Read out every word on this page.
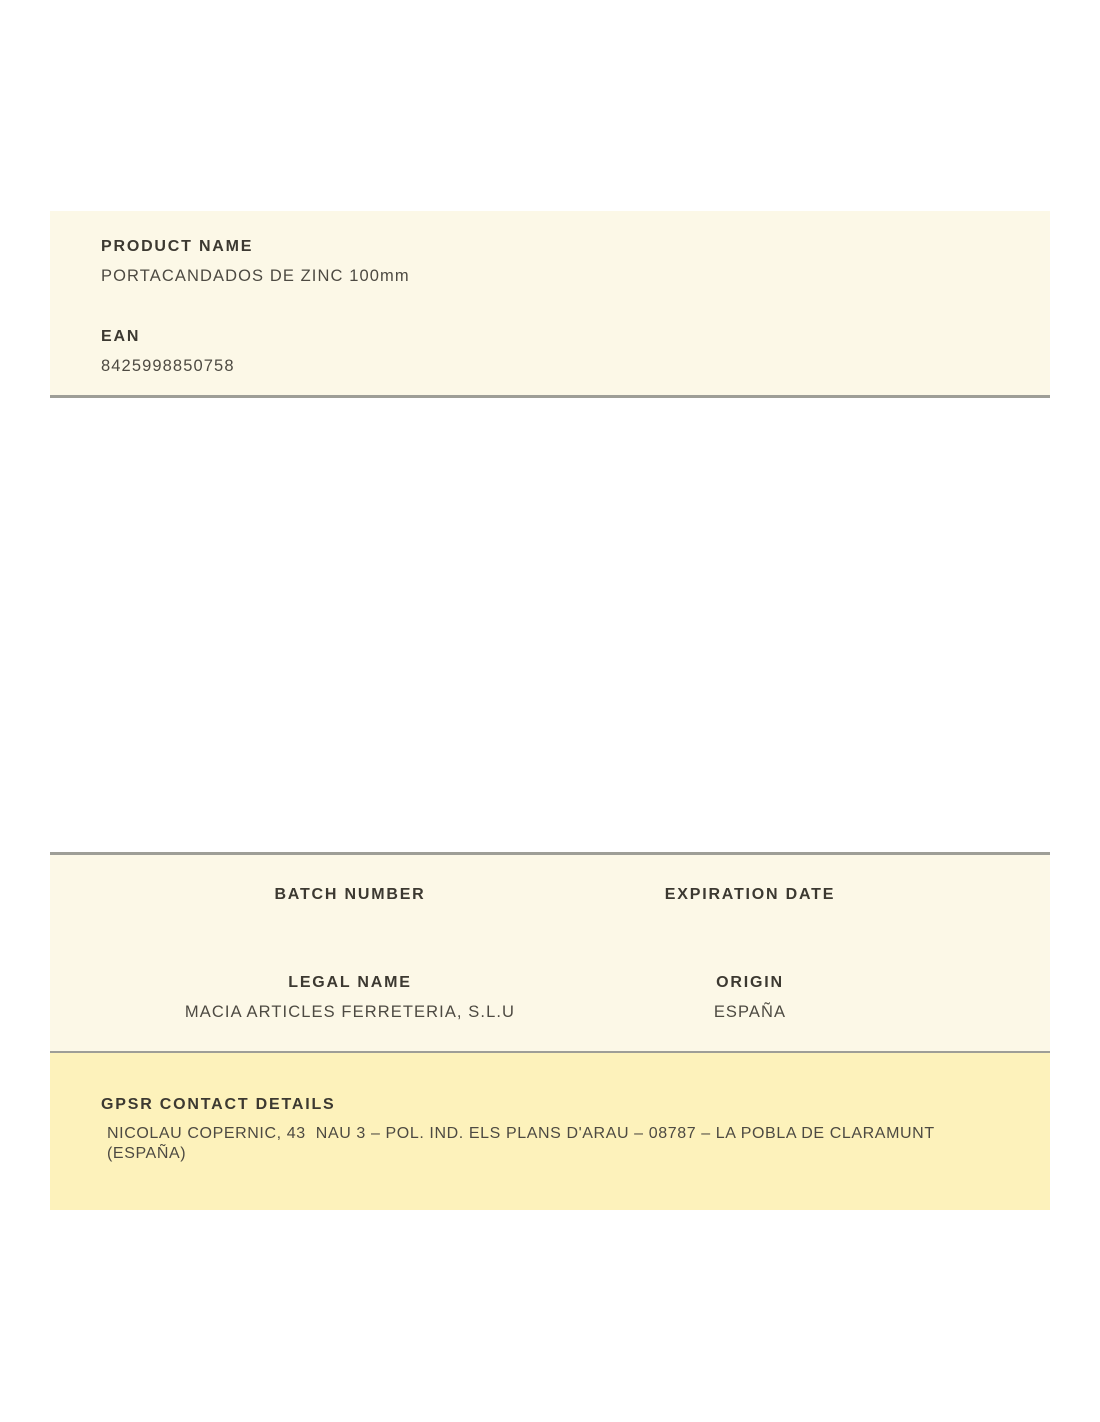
PRODUCT NAME
PORTACANDADOS DE ZINC 100mm
EAN
8425998850758
BATCH NUMBER	EXPIRATION DATE
LEGAL NAME
MACIA ARTICLES FERRETERIA, S.L.U
ORIGIN
ESPAÑA
GPSR CONTACT DETAILS
NICOLAU COPERNIC, 43  NAU 3 – POL. IND. ELS PLANS D'ARAU – 08787 – LA POBLA DE CLARAMUNT (ESPAÑA)
